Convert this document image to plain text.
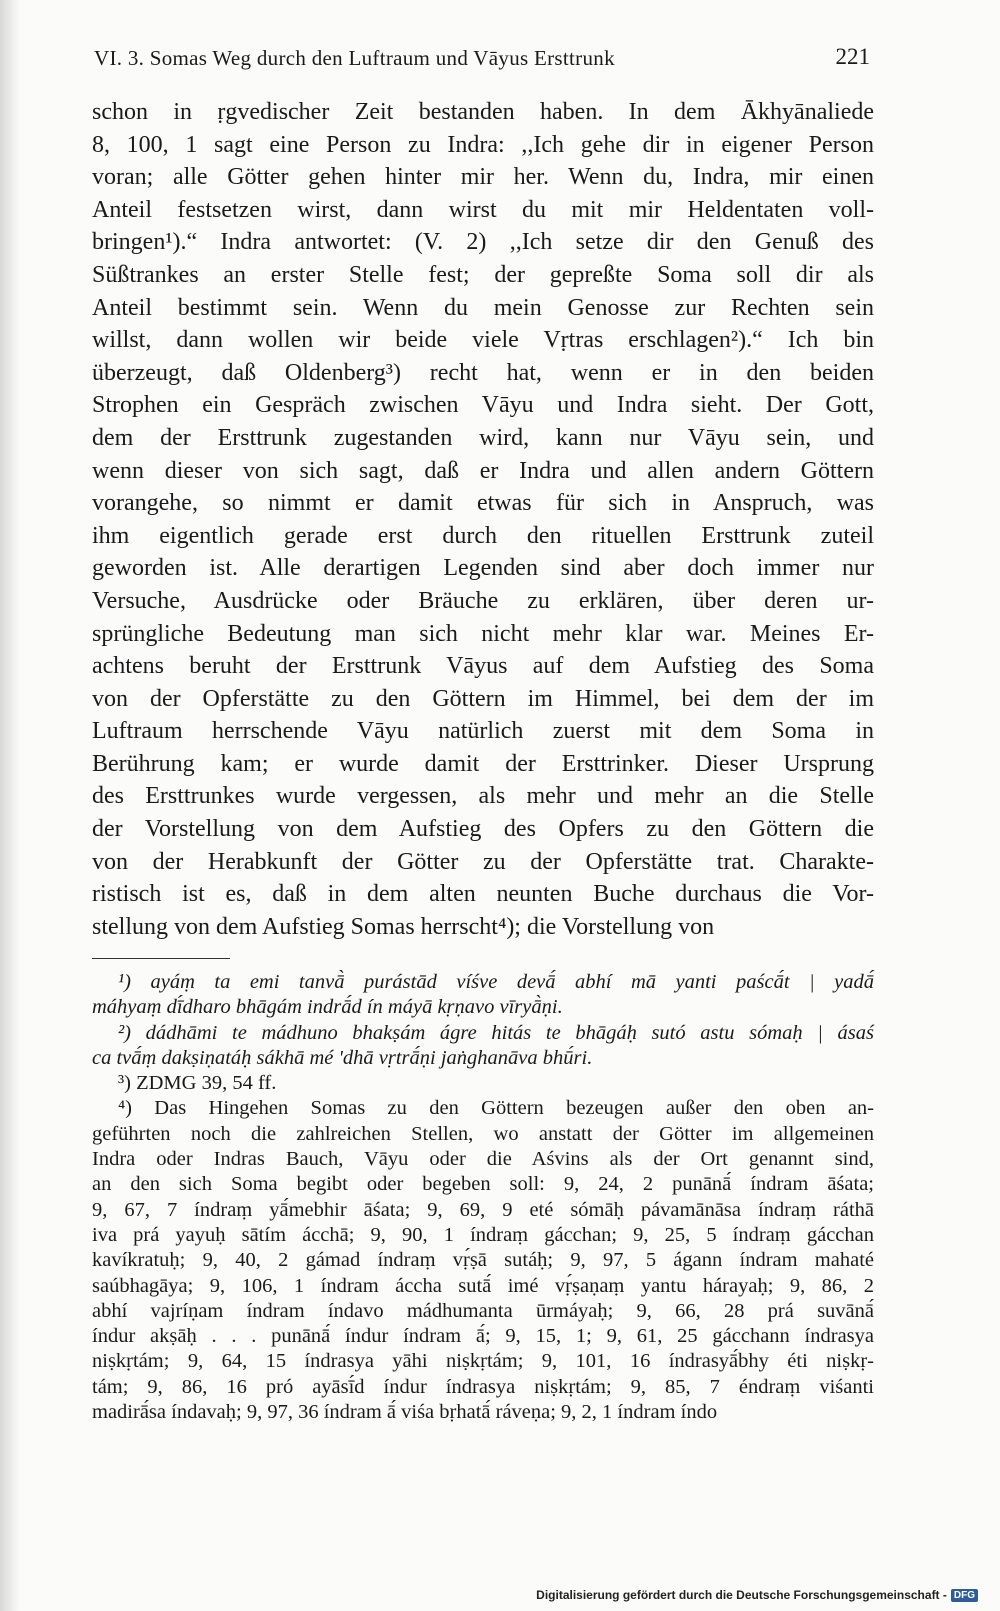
VI. 3. Somas Weg durch den Luftraum und Vāyus Ersttrunk	221
schon in ṛgvedischer Zeit bestanden haben. In dem Ākhyānaliede
8, 100, 1 sagt eine Person zu Indra: ,,Ich gehe dir in eigener Person
voran; alle Götter gehen hinter mir her. Wenn du, Indra, mir einen
Anteil festsetzen wirst, dann wirst du mit mir Heldentaten voll-
bringen¹).“ Indra antwortet: (V. 2) ,,Ich setze dir den Genuß des
Süßtrankes an erster Stelle fest; der gepreßte Soma soll dir als
Anteil bestimmt sein. Wenn du mein Genosse zur Rechten sein
willst, dann wollen wir beide viele Vṛtras erschlagen²).“ Ich bin
überzeugt, daß Oldenberg³) recht hat, wenn er in den beiden
Strophen ein Gespräch zwischen Vāyu und Indra sieht. Der Gott,
dem der Ersttrunk zugestanden wird, kann nur Vāyu sein, und
wenn dieser von sich sagt, daß er Indra und allen andern Göttern
vorangehe, so nimmt er damit etwas für sich in Anspruch, was
ihm eigentlich gerade erst durch den rituellen Ersttrunk zuteil
geworden ist. Alle derartigen Legenden sind aber doch immer nur
Versuche, Ausdrücke oder Bräuche zu erklären, über deren ur-
sprüngliche Bedeutung man sich nicht mehr klar war. Meines Er-
achtens beruht der Ersttrunk Vāyus auf dem Aufstieg des Soma
von der Opferstätte zu den Göttern im Himmel, bei dem der im
Luftraum herrschende Vāyu natürlich zuerst mit dem Soma in
Berührung kam; er wurde damit der Ersttrinker. Dieser Ursprung
des Ersttrunkes wurde vergessen, als mehr und mehr an die Stelle
der Vorstellung von dem Aufstieg des Opfers zu den Göttern die
von der Herabkunft der Götter zu der Opferstätte trat. Charakte-
ristisch ist es, daß in dem alten neunten Buche durchaus die Vor-
stellung von dem Aufstieg Somas herrscht⁴); die Vorstellung von
¹) ayáṃ ta emi tanvā̀ purástād víśve devā́ abhí mā yanti paścā́t | yadā́
máhyaṃ dī́dharo bhāgám indrā́d ín máyā kṛṇavo vīryā̀ṇi.
²) dádhāmi te mádhuno bhakṣám ágre hitás te bhāgáḥ sutó astu sómaḥ | ásaś
ca tvā́ṃ dakṣiṇatáḥ sákhā mé 'dhā vṛtrā́ṇi jaṅghanāva bhū́ri.
³) ZDMG 39, 54 ff.
⁴) Das Hingehen Somas zu den Göttern bezeugen außer den oben an-
geführten noch die zahlreichen Stellen, wo anstatt der Götter im allgemeinen
Indra oder Indras Bauch, Vāyu oder die Aśvins als der Ort genannt sind,
an den sich Soma begibt oder begeben soll: 9, 24, 2 punānā́ índram āśata;
9, 67, 7 índraṃ yā́mebhir āśata; 9, 69, 9 eté sómāḥ pávamānāsa índraṃ ráthā
iva prá yayuḥ sātím ácchā; 9, 90, 1 índraṃ gácchan; 9, 25, 5 índraṃ gácchan
kavíkratuḥ; 9, 40, 2 gámad índraṃ vṛ́ṣā sutáḥ; 9, 97, 5 ágann índram mahaté
saúbhagāya; 9, 106, 1 índram áccha sutā́ imé vṛ́ṣaṇaṃ yantu hárayaḥ; 9, 86, 2
abhí vajríṇam índram índavo mádhumanta ūrmáyaḥ; 9, 66, 28 prá suvānā́
índur akṣāḥ . . . punānā́ índur índram ā́; 9, 15, 1; 9, 61, 25 gácchann índrasya
niṣkṛtám; 9, 64, 15 índrasya yāhi niṣkṛtám; 9, 101, 16 índrasyā́bhy éti niṣkṛ-
tám; 9, 86, 16 pró ayāsī́d índur índrasya niṣkṛtám; 9, 85, 7 éndraṃ viśanti
madirā́sa índavaḥ; 9, 97, 36 índram ā́ viśa bṛhatā́ ráveṇa; 9, 2, 1 índram índo
Digitalisierung gefördert durch die Deutsche Forschungsgemeinschaft - DFG
